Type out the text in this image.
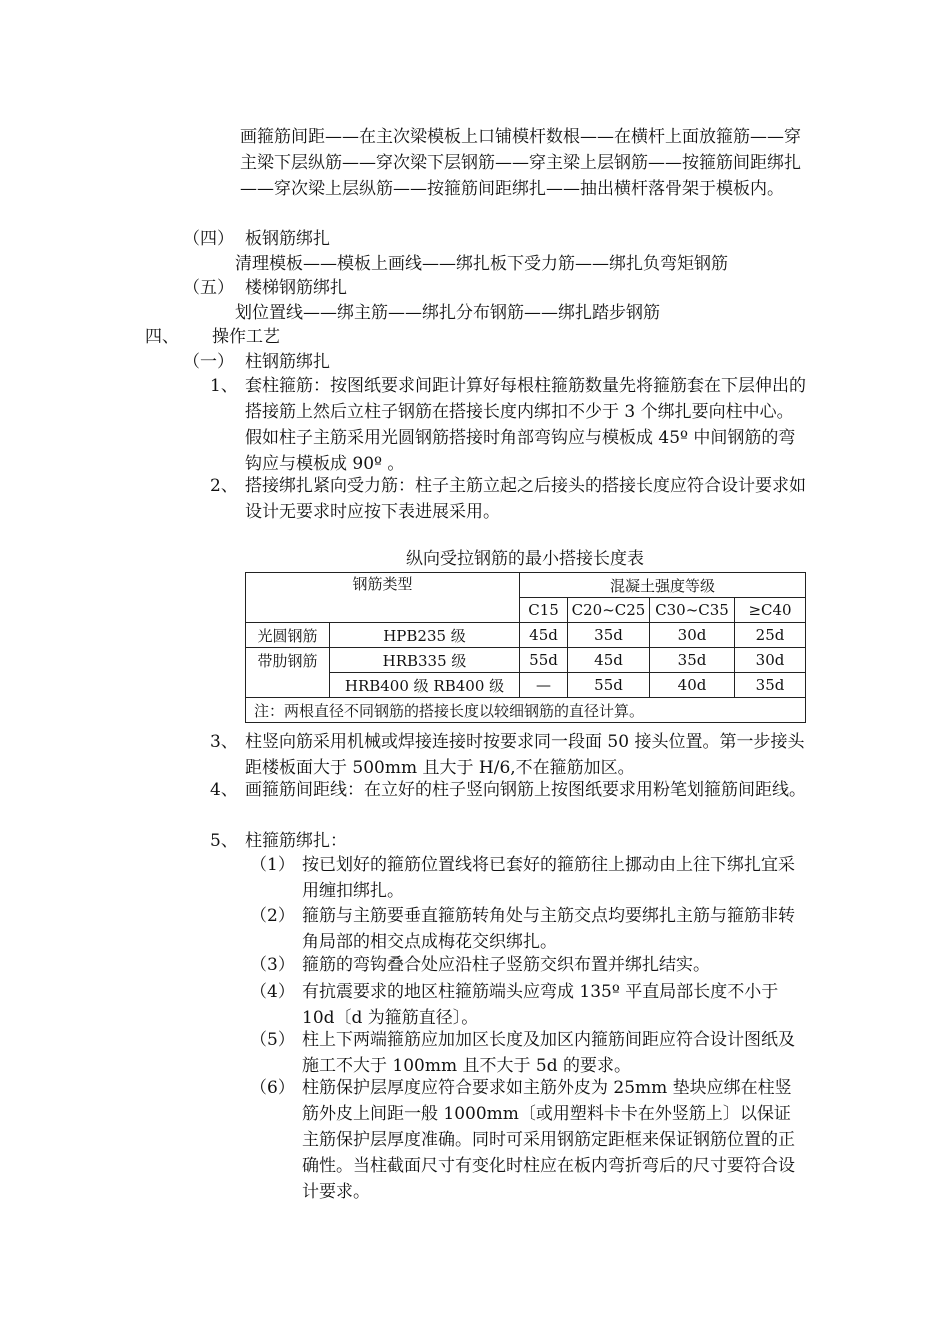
画箍筋间距——在主次梁模板上口铺模杆数根——在横杆上面放箍筋——穿主梁下层纵筋——穿次梁下层钢筋——穿主梁上层钢筋——按箍筋间距绑扎——穿次梁上层纵筋——按箍筋间距绑扎——抽出横杆落骨架于模板内。
（四） 板钢筋绑扎
清理模板——模板上画线——绑扎板下受力筋——绑扎负弯矩钢筋
（五） 楼梯钢筋绑扎
划位置线——绑主筋——绑扎分布钢筋——绑扎踏步钢筋
四、 操作工艺
（一） 柱钢筋绑扎
1、 套柱箍筋：按图纸要求间距计算好每根柱箍筋数量先将箍筋套在下层伸出的搭接筋上然后立柱子钢筋在搭接长度内绑扣不少于 3 个绑扎要向柱中心。假如柱子主筋采用光圆钢筋搭接时角部弯钩应与模板成 45º 中间钢筋的弯钩应与模板成 90º 。
2、 搭接绑扎紧向受力筋：柱子主筋立起之后接头的搭接长度应符合设计要求如设计无要求时应按下表进展采用。
纵向受拉钢筋的最小搭接长度表
钢筋类型		混凝土强度等级			
		C15	C20~C25	C30~C35	≥C40
光圆钢筋	HPB235 级	45d	35d	30d	25d
带肋钢筋	HRB335 级	55d	45d	35d	30d
	HRB400 级 RB400 级	—	55d	40d	35d
注：两根直径不同钢筋的搭接长度以较细钢筋的直径计算。					
3、 柱竖向筋采用机械或焊接连接时按要求同一段面 50 接头位置。第一步接头距楼板面大于 500mm 且大于 H/6,不在箍筋加区。
4、 画箍筋间距线：在立好的柱子竖向钢筋上按图纸要求用粉笔划箍筋间距线。
5、 柱箍筋绑扎：
（1） 按已划好的箍筋位置线将已套好的箍筋往上挪动由上往下绑扎宜采用缠扣绑扎。
（2） 箍筋与主筋要垂直箍筋转角处与主筋交点均要绑扎主筋与箍筋非转角局部的相交点成梅花交织绑扎。
（3） 箍筋的弯钩叠合处应沿柱子竖筋交织布置并绑扎结实。
（4） 有抗震要求的地区柱箍筋端头应弯成 135º 平直局部长度不小于 10d〔d 为箍筋直径〕。
（5） 柱上下两端箍筋应加加区长度及加区内箍筋间距应符合设计图纸及施工不大于 100mm 且不大于 5d 的要求。
（6） 柱筋保护层厚度应符合要求如主筋外皮为 25mm 垫块应绑在柱竖筋外皮上间距一般 1000mm〔或用塑料卡卡在外竖筋上〕以保证主筋保护层厚度准确。同时可采用钢筋定距框来保证钢筋位置的正确性。当柱截面尺寸有变化时柱应在板内弯折弯后的尺寸要符合设计要求。
